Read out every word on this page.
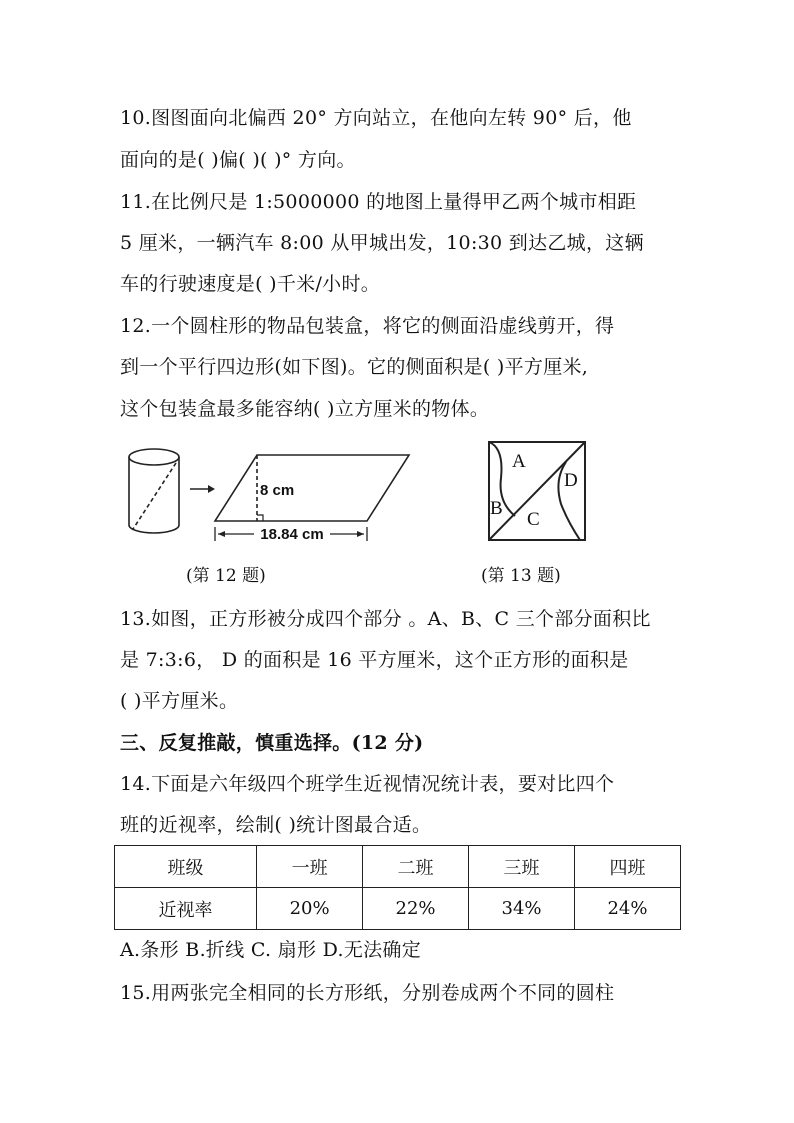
10.图图面向北偏西 20° 方向站立，在他向左转 90° 后，他
面向的是( )偏( )( )° 方向。
11.在比例尺是 1:5000000 的地图上量得甲乙两个城市相距
5 厘米，一辆汽车 8:00 从甲城出发，10:30 到达乙城，这辆
车的行驶速度是( )千米/小时。
12.一个圆柱形的物品包装盒，将它的侧面沿虚线剪开，得
到一个平行四边形(如下图)。它的侧面积是( )平方厘米,
这个包装盒最多能容纳( )立方厘米的物体。
8 cm
18.84 cm
A
B
C
D
(第 12 题)	(第 13 题)
13.如图，正方形被分成四个部分 。A、B、C 三个部分面积比
是 7:3:6， D 的面积是 16 平方厘米，这个正方形的面积是
( )平方厘米。
三、反复推敲，慎重选择。(12 分)
14.下面是六年级四个班学生近视情况统计表，要对比四个
班的近视率，绘制( )统计图最合适。
班级	一班	二班	三班	四班
近视率	20%	22%	34%	24%
A.条形 B.折线 C. 扇形 D.无法确定
15.用两张完全相同的长方形纸，分别卷成两个不同的圆柱
